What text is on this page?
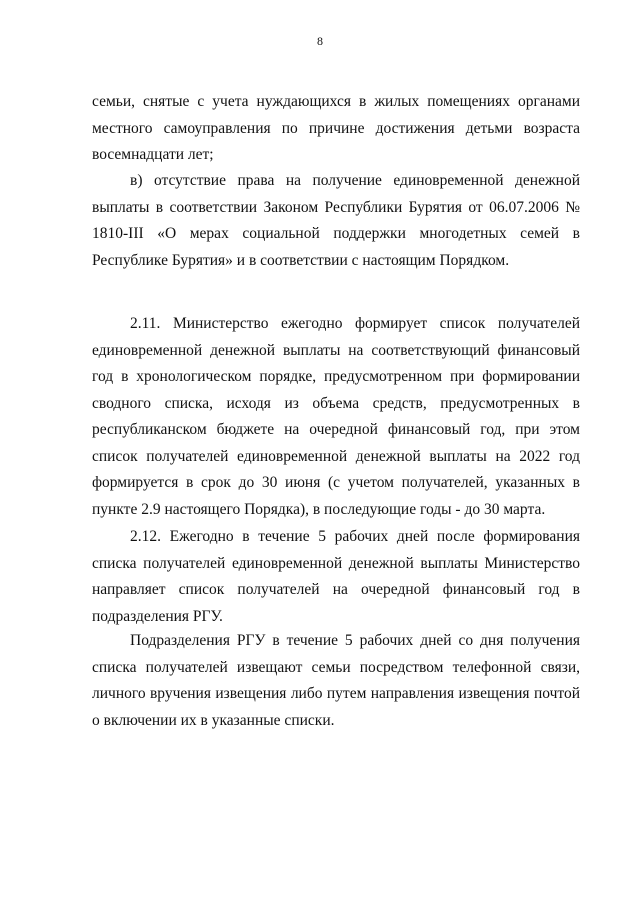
8

семьи, снятые с учета нуждающихся в жилых помещениях органами местного самоуправления по причине достижения детьми возраста восемнадцати лет;

в) отсутствие права на получение единовременной денежной выплаты в соответствии Законом Республики Бурятия от 06.07.2006 № 1810-III «О мерах социальной поддержки многодетных семей в Республике Бурятия» и в соответствии с настоящим Порядком.

2.11. Министерство ежегодно формирует список получателей единовременной денежной выплаты на соответствующий финансовый год в хронологическом порядке, предусмотренном при формировании сводного списка, исходя из объема средств, предусмотренных в республиканском бюджете на очередной финансовый год, при этом список получателей единовременной денежной выплаты на 2022 год формируется в срок до 30 июня (с учетом получателей, указанных в пункте 2.9 настоящего Порядка), в последующие годы - до 30 марта.

2.12. Ежегодно в течение 5 рабочих дней после формирования списка получателей единовременной денежной выплаты Министерство направляет список получателей на очередной финансовый год в подразделения РГУ.

Подразделения РГУ в течение 5 рабочих дней со дня получения списка получателей извещают семьи посредством телефонной связи, личного вручения извещения либо путем направления извещения почтой о включении их в указанные списки.
